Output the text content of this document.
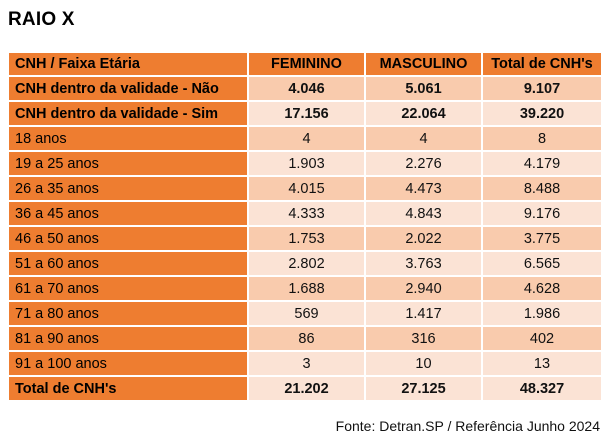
RAIO X
CNH / Faixa Etária	FEMININO	MASCULINO	Total de CNH's
CNH dentro da validade - Não	4.046	5.061	9.107
CNH dentro da validade - Sim	17.156	22.064	39.220
18 anos	4	4	8
19 a 25 anos	1.903	2.276	4.179
26 a 35 anos	4.015	4.473	8.488
36 a 45 anos	4.333	4.843	9.176
46 a 50 anos	1.753	2.022	3.775
51 a 60 anos	2.802	3.763	6.565
61 a 70 anos	1.688	2.940	4.628
71 a 80 anos	569	1.417	1.986
81 a 90 anos	86	316	402
91 a 100 anos	3	10	13
Total de CNH's	21.202	27.125	48.327
Fonte: Detran.SP / Referência Junho 2024
